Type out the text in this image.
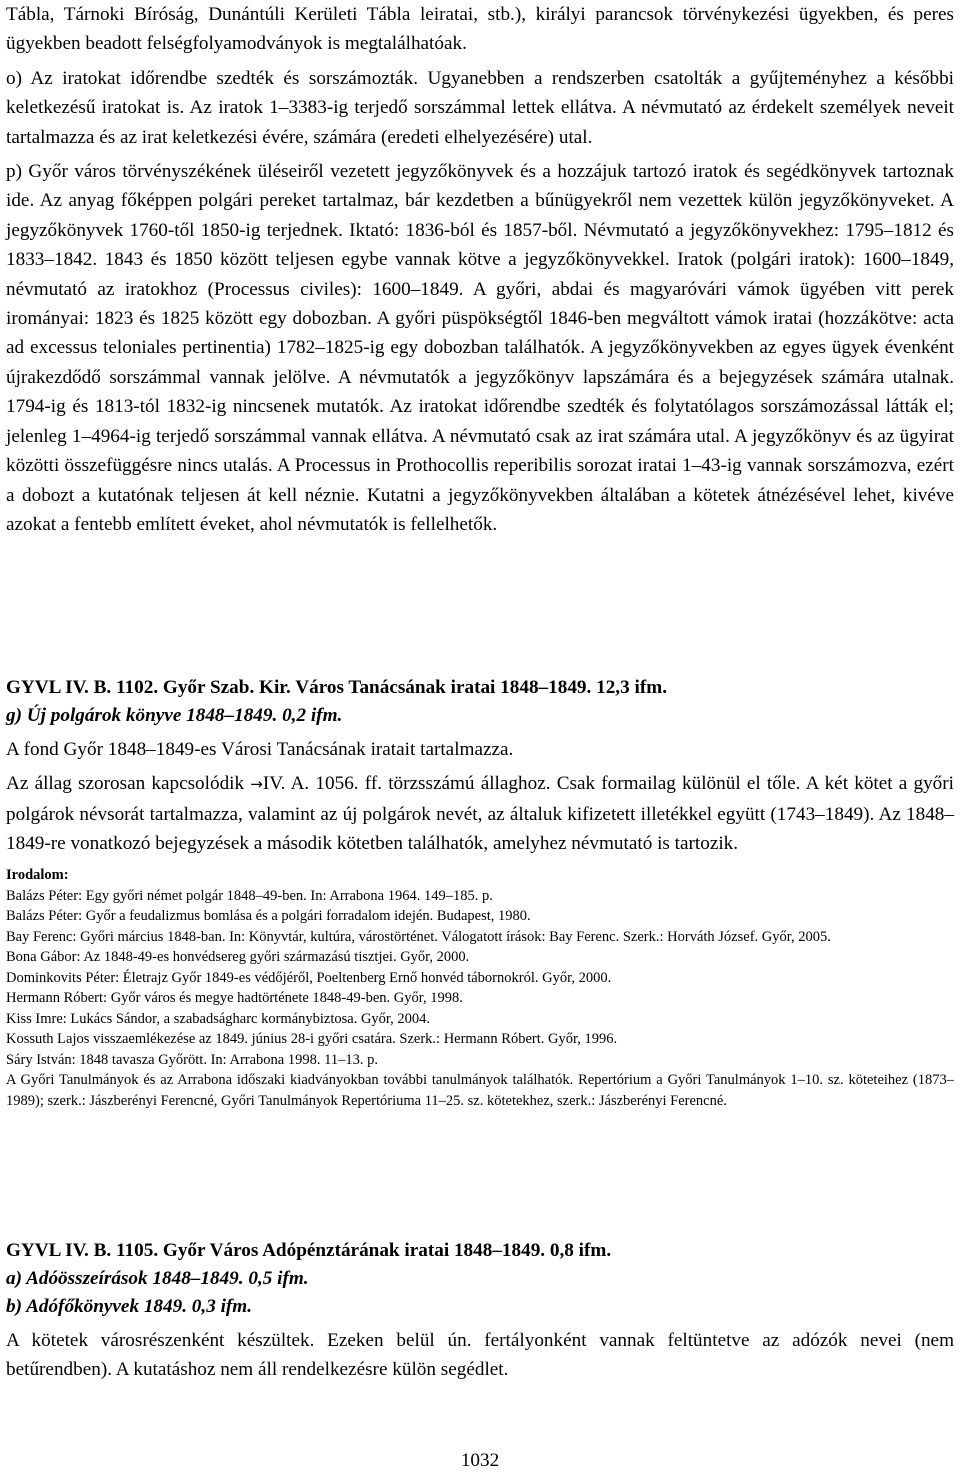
Tábla, Tárnoki Bíróság, Dunántúli Kerületi Tábla leiratai, stb.), királyi parancsok törvénykezési ügyekben, és peres ügyekben beadott felségfolyamodványok is megtalálhatóak.

o) Az iratokat időrendbe szedték és sorszámozták. Ugyanebben a rendszerben csatolták a gyűjteményhez a későbbi keletkezésű iratokat is. Az iratok 1–3383-ig terjedő sorszámmal lettek ellátva. A névmutató az érdekelt személyek neveit tartalmazza és az irat keletkezési évére, számára (eredeti elhelyezésére) utal.

p) Győr város törvényszékének üléseiről vezetett jegyzőkönyvek és a hozzájuk tartozó iratok és segédkönyvek tartoznak ide. Az anyag főképpen polgári pereket tartalmaz, bár kezdetben a bűnügyekről nem vezettek külön jegyzőkönyveket. A jegyzőkönyvek 1760-től 1850-ig terjednek. Iktató: 1836-ból és 1857-ből. Névmutató a jegyzőkönyvekhez: 1795–1812 és 1833–1842. 1843 és 1850 között teljesen egybe vannak kötve a jegyzőkönyvekkel. Iratok (polgári iratok): 1600–1849, névmutató az iratokhoz (Processus civiles): 1600–1849. A győri, abdai és magyaróvári vámok ügyében vitt perek irományai: 1823 és 1825 között egy dobozban. A győri püspökségtől 1846-ben megváltott vámok iratai (hozzákötve: acta ad excessus teloniales pertinentia) 1782–1825-ig egy dobozban találhatók. A jegyzőkönyvekben az egyes ügyek évenként újrakezdődő sorszámmal vannak jelölve. A névmutatók a jegyzőkönyv lapszámára és a bejegyzések számára utalnak. 1794-ig és 1813-tól 1832-ig nincsenek mutatók. Az iratokat időrendbe szedték és folytatólagos sorszámozással látták el; jelenleg 1–4964-ig terjedő sorszámmal vannak ellátva. A névmutató csak az irat számára utal. A jegyzőkönyv és az ügyirat közötti összefüggésre nincs utalás. A Processus in Prothocollis reperibilis sorozat iratai 1–43-ig vannak sorszámozva, ezért a dobozt a kutatónak teljesen át kell néznie. Kutatni a jegyzőkönyvekben általában a kötetek átnézésével lehet, kivéve azokat a fentebb említett éveket, ahol névmutatók is fellelhetők.

GYVL IV. B. 1102. Győr Szab. Kir. Város Tanácsának iratai 1848–1849. 12,3 ifm.

g) Új polgárok könyve 1848–1849. 0,2 ifm.

A fond Győr 1848–1849-es Városi Tanácsának iratait tartalmazza.

Az állag szorosan kapcsolódik →IV. A. 1056. ff. törzsszámú állaghoz. Csak formailag különül el tőle. A két kötet a győri polgárok névsorát tartalmazza, valamint az új polgárok nevét, az általuk kifizetett illetékkel együtt (1743–1849). Az 1848–1849-re vonatkozó bejegyzések a második kötetben találhatók, amelyhez névmutató is tartozik.

Irodalom:

Balázs Péter: Egy győri német polgár 1848–49-ben. In: Arrabona 1964. 149–185. p.

Balázs Péter: Győr a feudalizmus bomlása és a polgári forradalom idején. Budapest, 1980.

Bay Ferenc: Győri március 1848-ban. In: Könyvtár, kultúra, várostörténet. Válogatott írások: Bay Ferenc. Szerk.: Horváth József. Győr, 2005.

Bona Gábor: Az 1848-49-es honvédsereg győri származású tisztjei. Győr, 2000.

Dominkovits Péter: Életrajz Győr 1849-es védőjéről, Poeltenberg Ernő honvéd tábornokról. Győr, 2000.

Hermann Róbert: Győr város és megye hadtörténete 1848-49-ben. Győr, 1998.

Kiss Imre: Lukács Sándor, a szabadságharc kormánybiztosa. Győr, 2004.

Kossuth Lajos visszaemlékezése az 1849. június 28-i győri csatára. Szerk.: Hermann Róbert. Győr, 1996.

Sáry István: 1848 tavasza Győrött. In: Arrabona 1998. 11–13. p.

A Győri Tanulmányok és az Arrabona időszaki kiadványokban további tanulmányok találhatók. Repertórium a Győri Tanulmányok 1–10. sz. köteteihez (1873–1989); szerk.: Jászberényi Ferencné, Győri Tanulmányok Repertóriuma 11–25. sz. kötetekhez, szerk.: Jászberényi Ferencné.

GYVL IV. B. 1105. Győr Város Adópénztárának iratai 1848–1849. 0,8 ifm.

a) Adóösszeírások 1848–1849. 0,5 ifm.

b) Adófőkönyvek 1849. 0,3 ifm.

A kötetek városrészenként készültek. Ezeken belül ún. fertályonként vannak feltüntetve az adózók nevei (nem betűrendben). A kutatáshoz nem áll rendelkezésre külön segédlet.

1032
